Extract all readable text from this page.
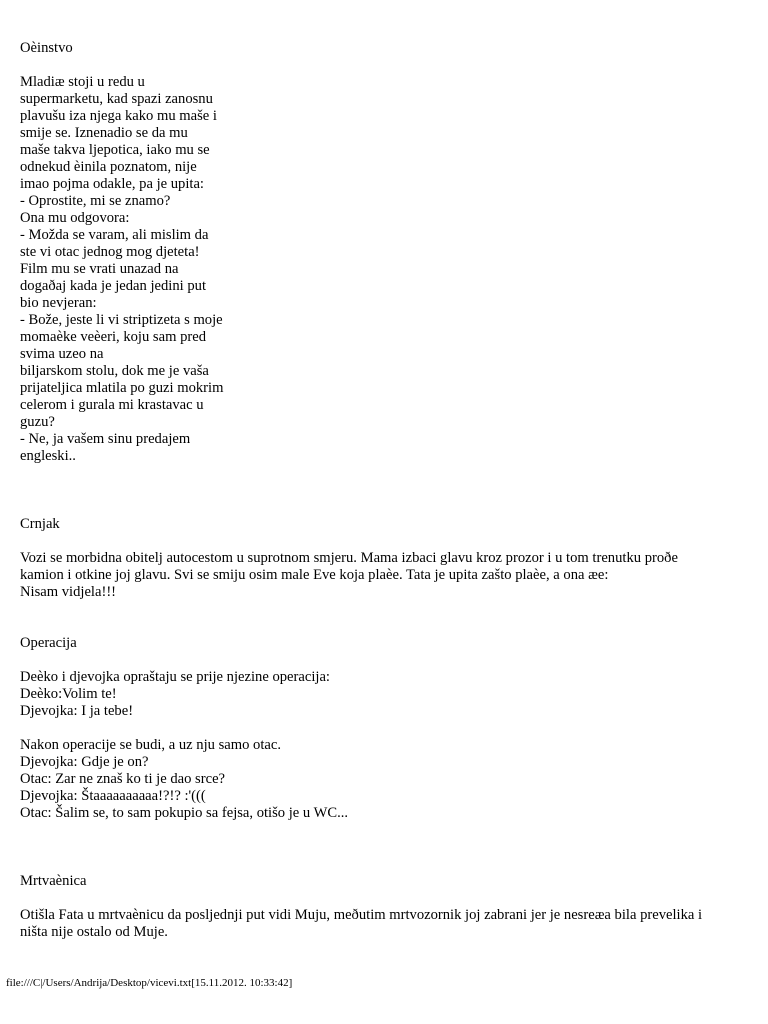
Oèinstvo
Mladiæ stoji u redu u
supermarketu, kad spazi zanosnu
plavušu iza njega kako mu maše i
smije se. Iznenadio se da mu
maše takva ljepotica, iako mu se
odnekud èinila poznatom, nije
imao pojma odakle, pa je upita:
- Oprostite, mi se znamo?
Ona mu odgovora:
- Možda se varam, ali mislim da
ste vi otac jednog mog djeteta!
Film mu se vrati unazad na
dogaðaj kada je jedan jedini put
bio nevjeran:
- Bože, jeste li vi striptizeta s moje
momaèke veèeri, koju sam pred
svima uzeo na
biljarskom stolu, dok me je vaša
prijateljica mlatila po guzi mokrim
celerom i gurala mi krastavac u
guzu?
- Ne, ja vašem sinu predajem
engleski..
Crnjak
Vozi se morbidna obitelj autocestom u suprotnom smjeru. Mama izbaci glavu kroz prozor i u tom trenutku proðe
kamion i otkine joj glavu. Svi se smiju osim male Eve koja plaèe. Tata je upita zašto plaèe, a ona æe:
Nisam vidjela!!!
Operacija
Deèko i djevojka opraštaju se prije njezine operacija:
Deèko:Volim te!
Djevojka: I ja tebe!
Nakon operacije se budi, a uz nju samo otac.
Djevojka: Gdje je on?
Otac: Zar ne znaš ko ti je dao srce?
Djevojka: Štaaaaaaaaaa!?!? :'(((
Otac: Šalim se, to sam pokupio sa fejsa, otišo je u WC...
Mrtvaènica
Otišla Fata u mrtvaènicu da posljednji put vidi Muju, meðutim mrtvozornik joj zabrani jer je nesreæa bila prevelika i
ništa nije ostalo od Muje.
file:///C|/Users/Andrija/Desktop/vicevi.txt[15.11.2012. 10:33:42]
